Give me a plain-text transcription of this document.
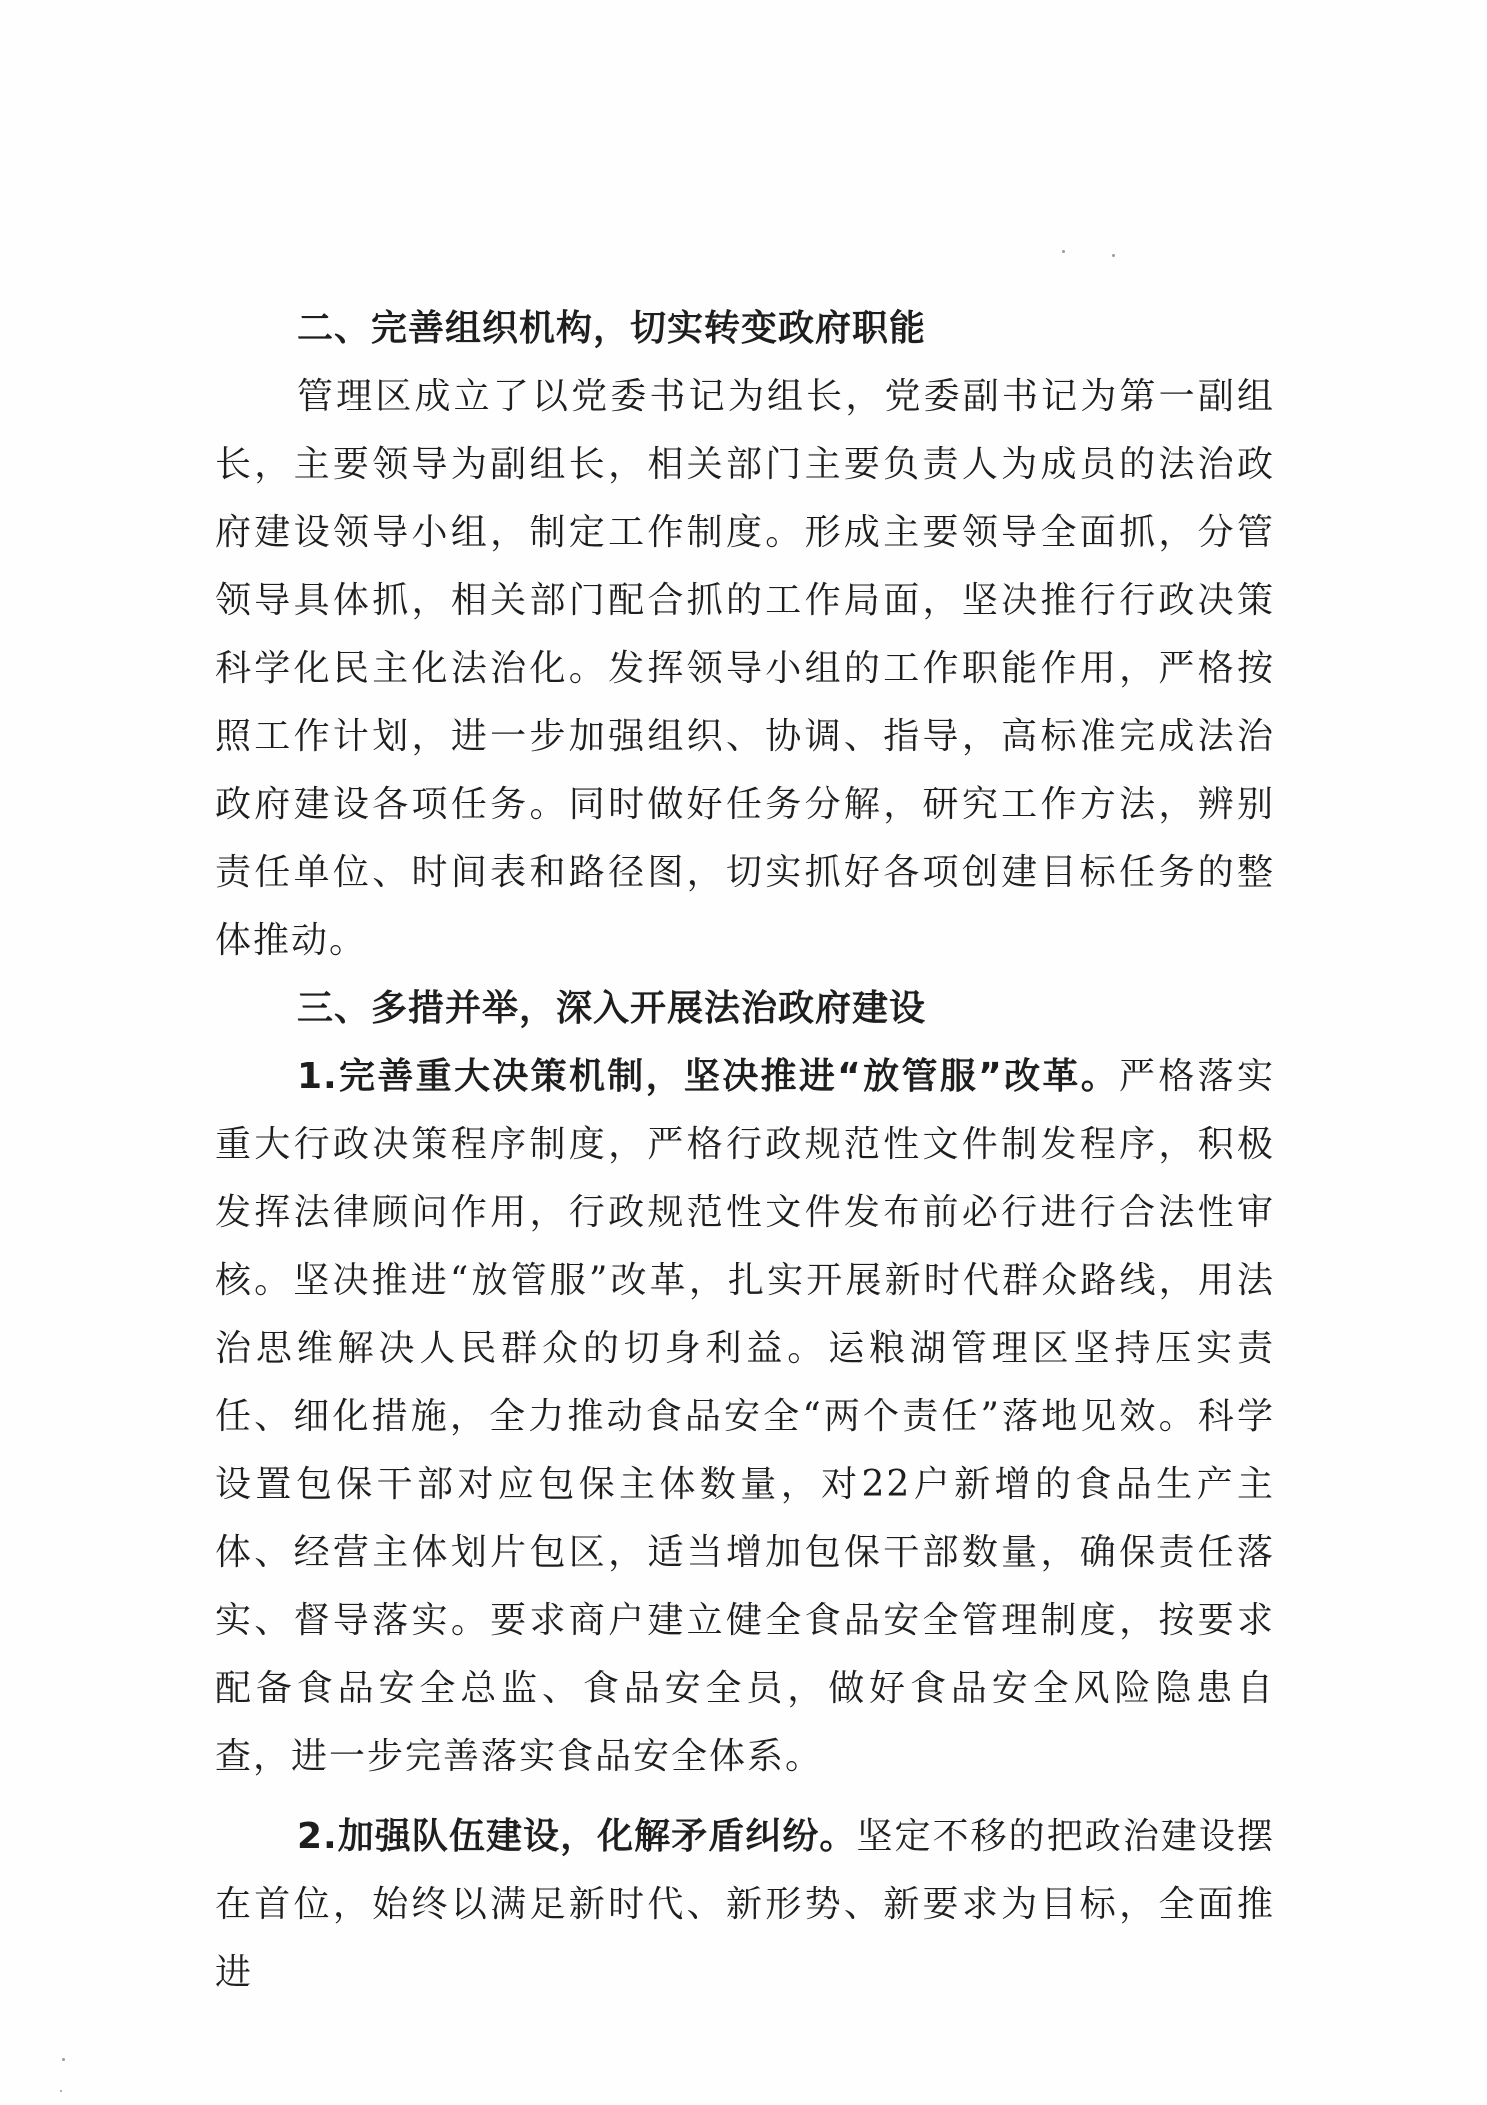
二、完善组织机构，切实转变政府职能

管理区成立了以党委书记为组长，党委副书记为第一副组长，主要领导为副组长，相关部门主要负责人为成员的法治政府建设领导小组，制定工作制度。形成主要领导全面抓，分管领导具体抓，相关部门配合抓的工作局面，坚决推行行政决策科学化民主化法治化。发挥领导小组的工作职能作用，严格按照工作计划，进一步加强组织、协调、指导，高标准完成法治政府建设各项任务。同时做好任务分解，研究工作方法，辨别责任单位、时间表和路径图，切实抓好各项创建目标任务的整体推动。

三、多措并举，深入开展法治政府建设

1.完善重大决策机制，坚决推进“放管服”改革。严格落实重大行政决策程序制度，严格行政规范性文件制发程序，积极发挥法律顾问作用，行政规范性文件发布前必行进行合法性审核。坚决推进“放管服”改革，扎实开展新时代群众路线，用法治思维解决人民群众的切身利益。运粮湖管理区坚持压实责任、细化措施，全力推动食品安全“两个责任”落地见效。科学设置包保干部对应包保主体数量，对22户新增的食品生产主体、经营主体划片包区，适当增加包保干部数量，确保责任落实、督导落实。要求商户建立健全食品安全管理制度，按要求配备食品安全总监、食品安全员，做好食品安全风险隐患自查，进一步完善落实食品安全体系。

2.加强队伍建设，化解矛盾纠纷。坚定不移的把政治建设摆在首位，始终以满足新时代、新形势、新要求为目标，全面推进
